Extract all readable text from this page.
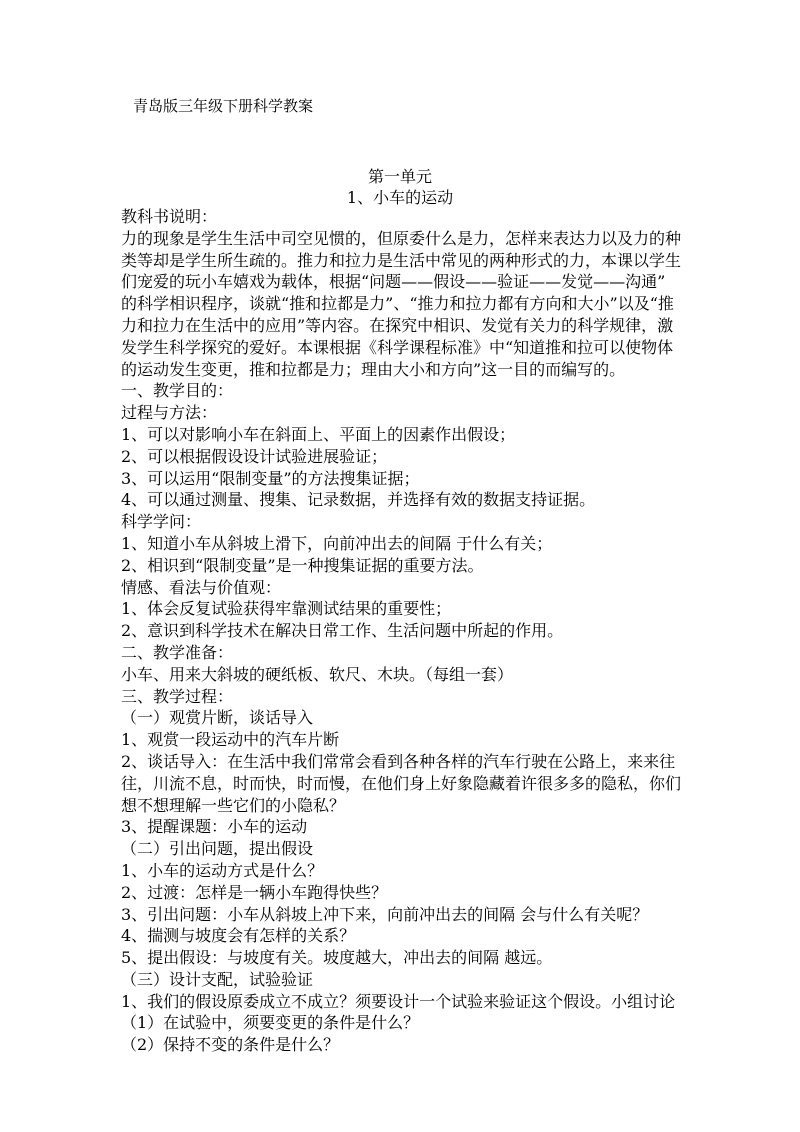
青岛版三年级下册科学教案
第一单元
1、小车的运动
教科书说明：
力的现象是学生生活中司空见惯的，但原委什么是力，怎样来表达力以及力的种
类等却是学生所生疏的。推力和拉力是生活中常见的两种形式的力，本课以学生
们宠爱的玩小车嬉戏为载体，根据“问题——假设——验证——发觉——沟通”
的科学相识程序，谈就“推和拉都是力”、“推力和拉力都有方向和大小”以及“推
力和拉力在生活中的应用”等内容。在探究中相识、发觉有关力的科学规律，激
发学生科学探究的爱好。本课根据《科学课程标准》中“知道推和拉可以使物体
的运动发生变更，推和拉都是力；理由大小和方向”这一目的而编写的。
一、教学目的：
过程与方法：
1、可以对影响小车在斜面上、平面上的因素作出假设；
2、可以根据假设设计试验进展验证；
3、可以运用“限制变量”的方法搜集证据；
4、可以通过测量、搜集、记录数据，并选择有效的数据支持证据。
科学学问：
1、知道小车从斜坡上滑下，向前冲出去的间隔 于什么有关；
2、相识到“限制变量”是一种搜集证据的重要方法。
情感、看法与价值观：
1、体会反复试验获得牢靠测试结果的重要性；
2、意识到科学技术在解决日常工作、生活问题中所起的作用。
二、教学准备：
小车、用来大斜坡的硬纸板、软尺、木块。（每组一套）
三、教学过程：
（一）观赏片断，谈话导入
1、观赏一段运动中的汽车片断
2、谈话导入：在生活中我们常常会看到各种各样的汽车行驶在公路上，来来往
往，川流不息，时而快，时而慢，在他们身上好象隐藏着许很多多的隐私，你们
想不想理解一些它们的小隐私？
3、提醒课题：小车的运动
（二）引出问题，提出假设
1、小车的运动方式是什么？
2、过渡：怎样是一辆小车跑得快些？
3、引出问题：小车从斜坡上冲下来，向前冲出去的间隔 会与什么有关呢？
4、揣测与坡度会有怎样的关系？
5、提出假设：与坡度有关。坡度越大，冲出去的间隔 越远。
（三）设计支配，试验验证
1、我们的假设原委成立不成立？须要设计一个试验来验证这个假设。小组讨论
（1）在试验中，须要变更的条件是什么？
（2）保持不变的条件是什么？
